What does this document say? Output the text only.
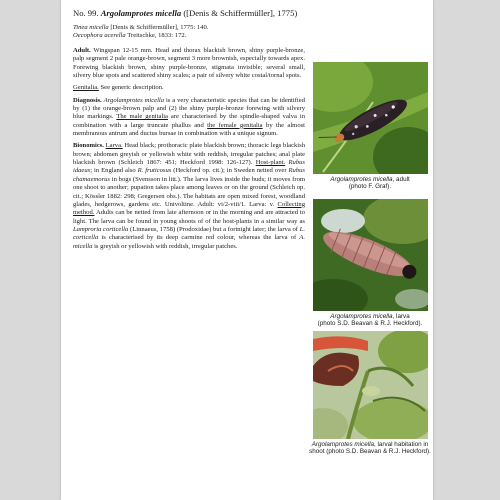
No. 99. Argolamprotes micella ([Denis & Schiffermüller], 1775)
Tinea micella [Denis & Schiffermüller], 1775: 140.
Oecophora acerella Treitschke, 1833: 172.

Adult. Wingspan 12-15 mm. Head and thorax blackish brown, shiny purple-bronze, palp segment 2 pale orange-brown, segment 3 more brownish, especially towards apex. Forewing blackish brown, shiny purple-bronze, stigmata invisible; several small, silvery blue spots and scattered shiny scales; a pair of silvery white costal/tornal spots.

Genitalia. See generic description.

Diagnosis. Argolamprotes micella is a very characteristic species that can be identified by (1) the orange-brown palp and (2) the shiny purple-bronze forewing with silvery blue markings. The male genitalia are characterised by the spindle-shaped valva in combination with a large truncate phallus and the female genitalia by the almost membranous antrum and ductus bursae in combination with a unique signum.

Bionomics. Larva. Head black; prothoracic plate blackish brown; thoracic legs blackish brown; abdomen greyish or yellowish white with reddish, irregular patches; anal plate blackish brown (Schleich 1867: 451; Heckford 1998: 126-127). Host-plant. Rubus idaeus; in England also R. fruticosus (Heckford op. cit.); in Sweden netted over Rubus chamaemorus in bogs (Svensson in litt.). The larva lives inside the buds; it moves from one shoot to another; pupation takes place among leaves or on the ground (Schleich op. cit.; Kössler 1882: 298; Gregersen obs.). The habitats are open mixed forest, woodland glades, hedgerows, gardens etc. Univoltine. Adult: vi/2-viii/1. Larva: v. Collecting method. Adults can be netted from late afternoon or in the morning and are attracted to light. The larva can be found in young shoots of of the host-plants in a similar way as Lamproria corticella (Linnaeus, 1758) (Prodoxidae) but a fortnight later; the larva of L. corticella is characterised by its deep carmine red colour, whereas the larva of A. micella is greyish or yellowish with reddish, irregular patches.

Argolamprotes micella, adult
(photo F. Graf).
Argolamprotes micella, larva
(photo S.D. Beavan & R.J. Heckford).
Argolamprotes micella, larval habitation in
shoot (photo S.D. Beavan & R.J. Heckford).
